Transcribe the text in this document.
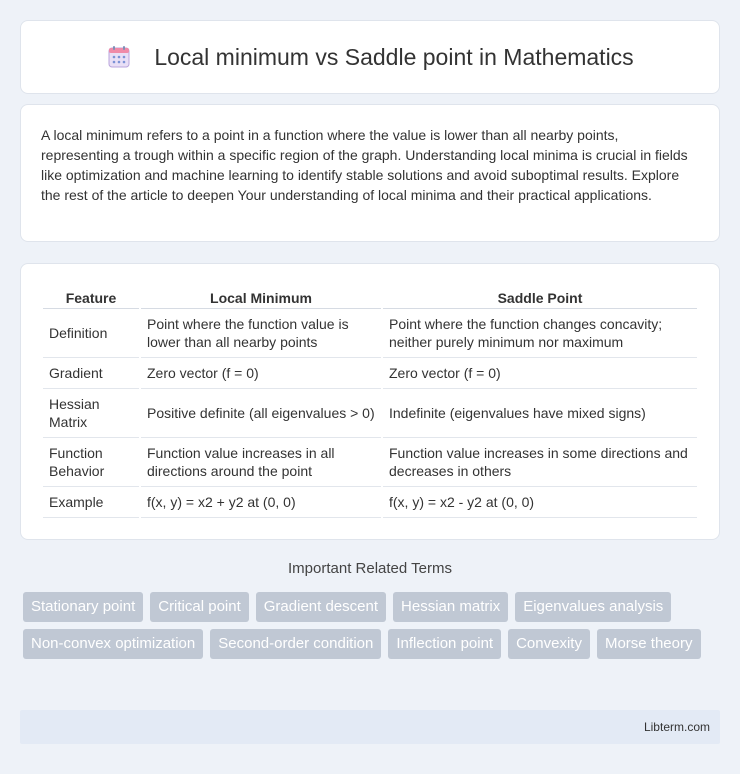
Local minimum vs Saddle point in Mathematics

A local minimum refers to a point in a function where the value is lower than all nearby points, representing a trough within a specific region of the graph. Understanding local minima is crucial in fields like optimization and machine learning to identify stable solutions and avoid suboptimal results. Explore the rest of the article to deepen Your understanding of local minima and their practical applications.

Feature	Local Minimum	Saddle Point
Definition	Point where the function value is lower than all nearby points	Point where the function changes concavity; neither purely minimum nor maximum
Gradient	Zero vector (f = 0)	Zero vector (f = 0)
Hessian Matrix	Positive definite (all eigenvalues > 0)	Indefinite (eigenvalues have mixed signs)
Function Behavior	Function value increases in all directions around the point	Function value increases in some directions and decreases in others
Example	f(x, y) = x2 + y2 at (0, 0)	f(x, y) = x2 - y2 at (0, 0)
Important Related Terms
Stationary point	Critical point	Gradient descent	Hessian matrix	Eigenvalues analysis
Non-convex optimization	Second-order condition	Inflection point	Convexity	Morse theory
Libterm.com
